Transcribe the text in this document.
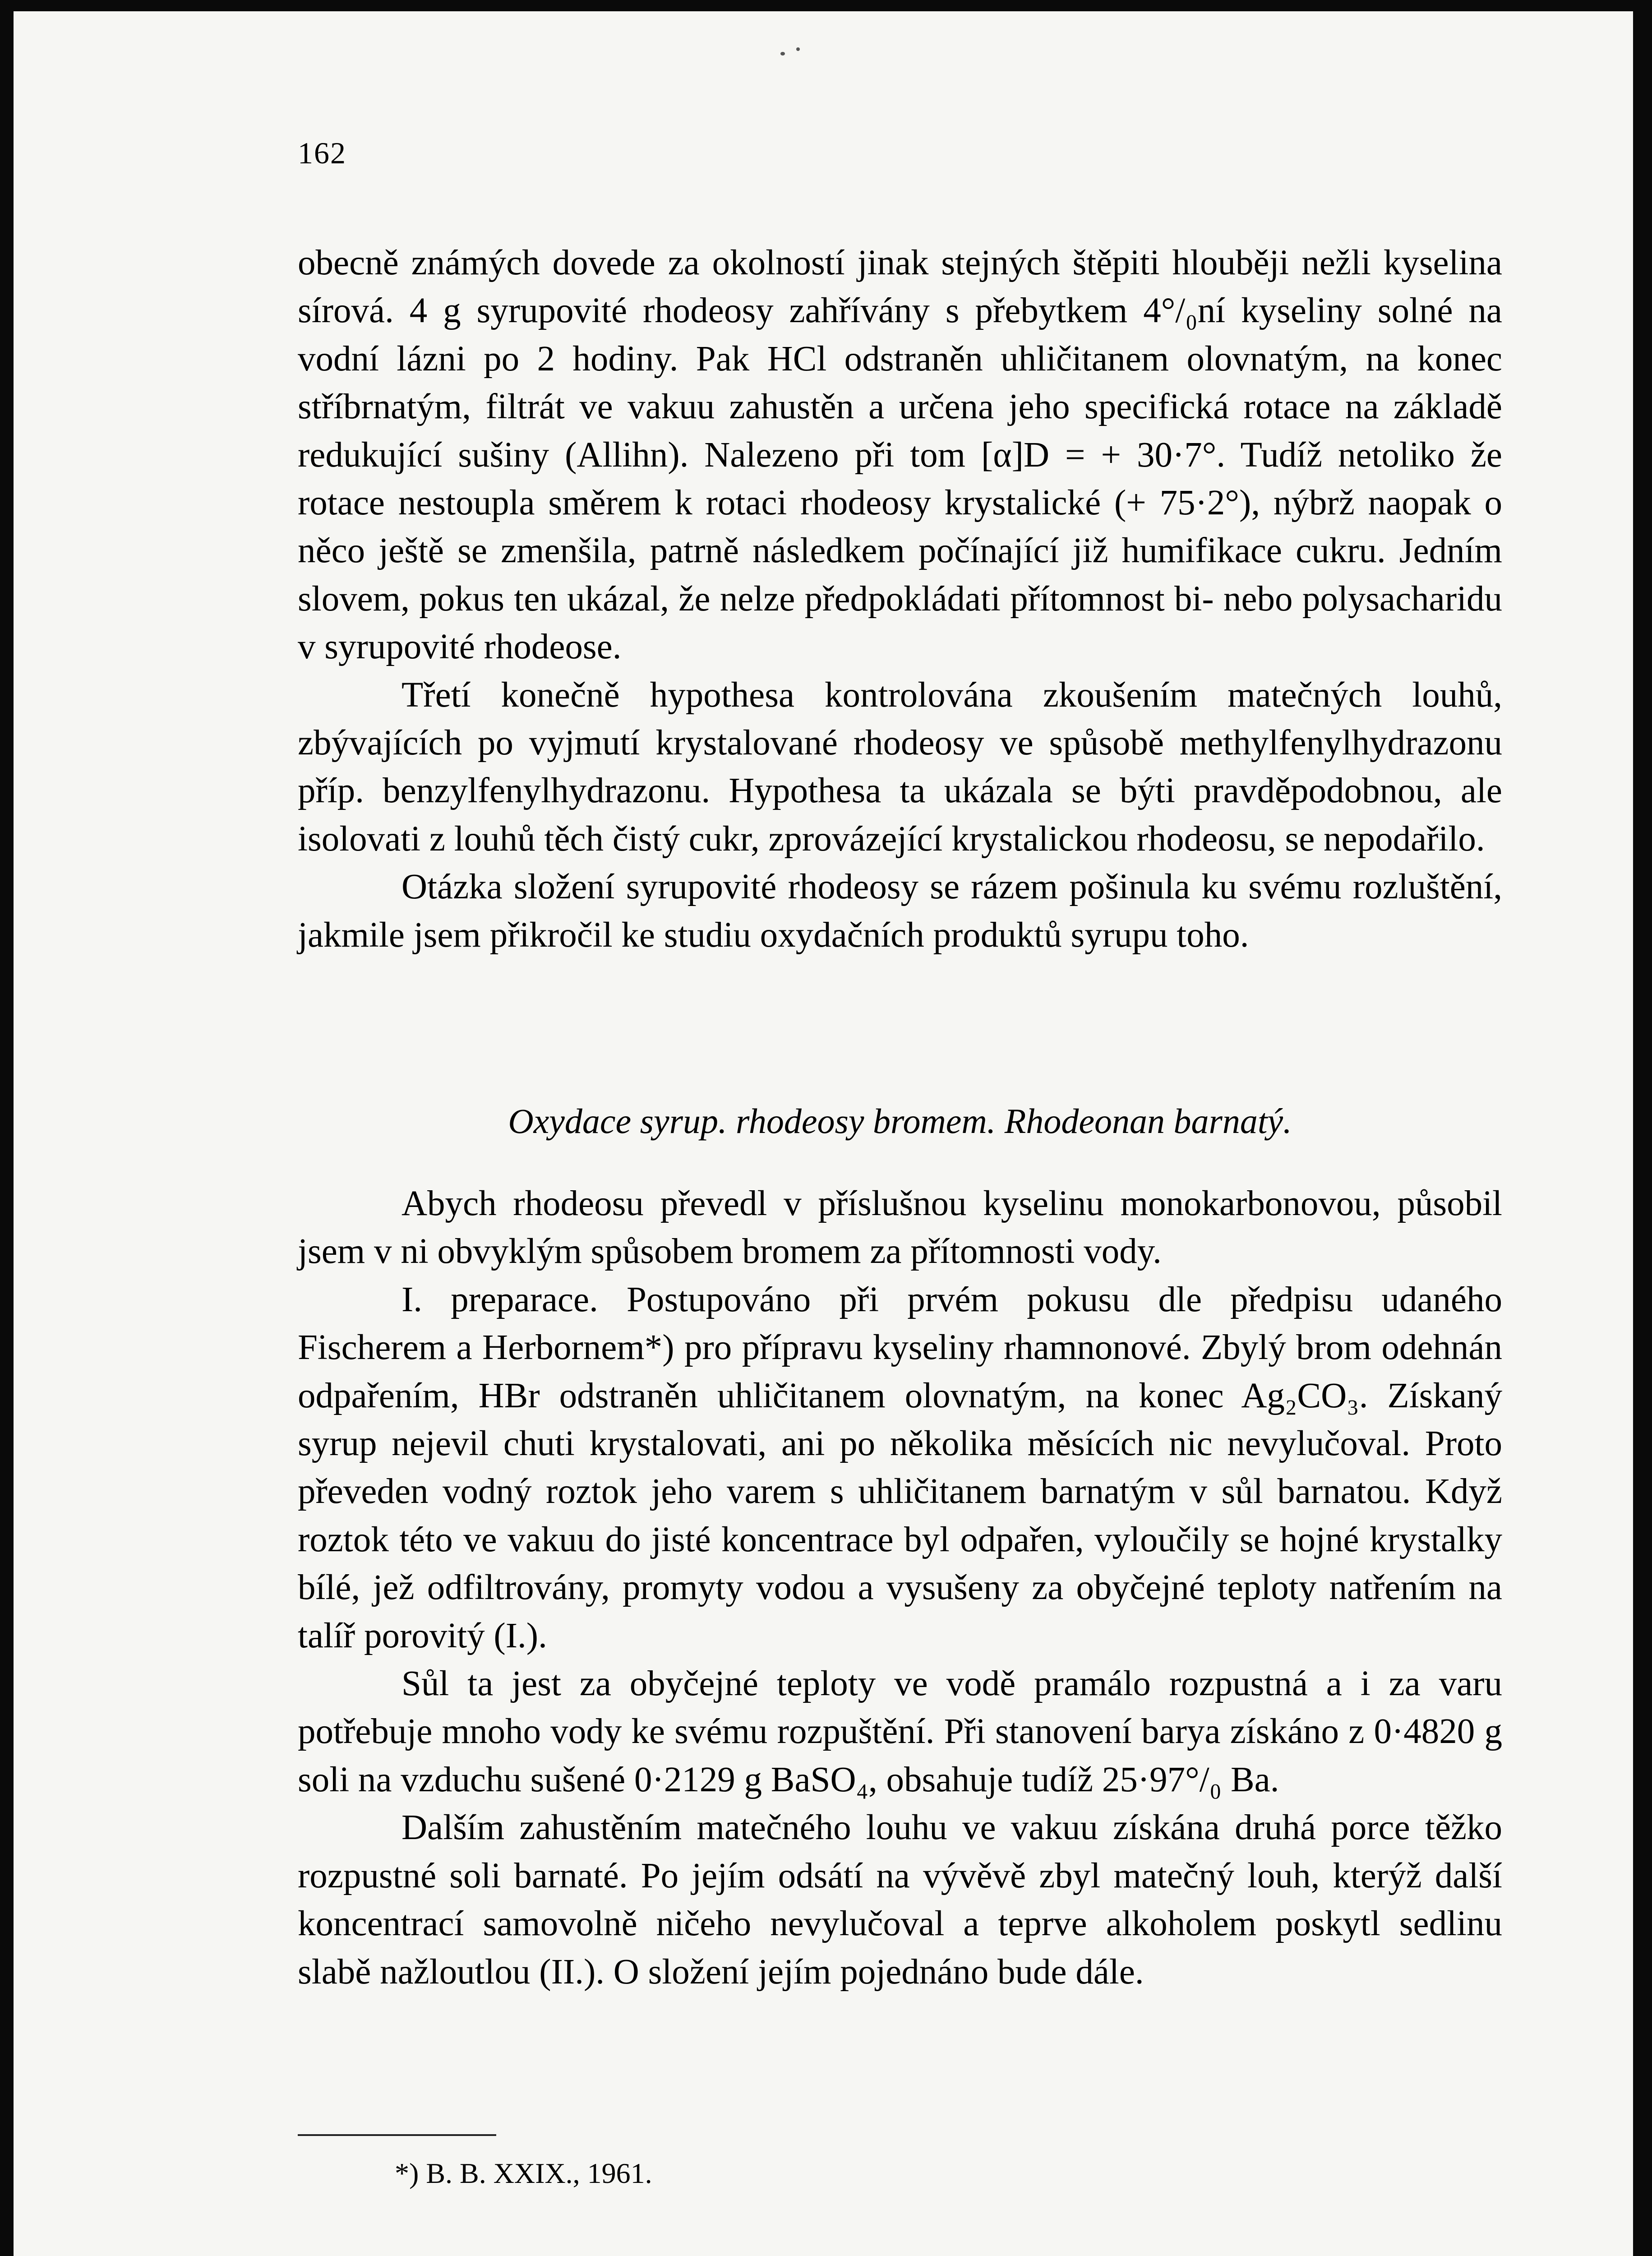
162

obecně známých dovede za okolností jinak stejných štěpiti hlouběji nežli kyselina sírová. 4 g syrupovité rhodeosy zahřívány s přebytkem 4°/₀ní kyseliny solné na vodní lázni po 2 hodiny. Pak HCl odstraněn uhličitanem olovnatým, na konec stříbrnatým, filtrát ve vakuu zahustěn a určena jeho specifická rotace na základě redukující sušiny (Allihn). Nalezeno při tom [α]D = + 30·7°. Tudíž netoliko že rotace nestoupla směrem k rotaci rhodeosy krystalické (+ 75·2°), nýbrž naopak o něco ještě se zmenšila, patrně následkem počínající již humifikace cukru. Jedním slovem, pokus ten ukázal, že nelze předpokládati přítomnost bi- nebo polysacharidu v syrupovité rhodeose.

Třetí konečně hypothesa kontrolována zkoušením matečných louhů, zbývajících po vyjmutí krystalované rhodeosy ve spůsobě methylfenylhydrazonu příp. benzylfenylhydrazonu. Hypothesa ta ukázala se býti pravděpodobnou, ale isolovati z louhů těch čistý cukr, zprovázející krystalickou rhodeosu, se nepodařilo.

Otázka složení syrupovité rhodeosy se rázem pošinula ku svému rozluštění, jakmile jsem přikročil ke studiu oxydačních produktů syrupu toho.

Oxydace syrup. rhodeosy bromem. Rhodeonan barnatý.

Abych rhodeosu převedl v příslušnou kyselinu monokarbonovou, působil jsem v ni obvyklým spůsobem bromem za přítomnosti vody.

I. preparace. Postupováno při prvém pokusu dle předpisu udaného Fischerem a Herbornem*) pro přípravu kyseliny rhamnonové. Zbylý brom odehnán odpařením, HBr odstraněn uhličitanem olovnatým, na konec Ag₂CO₃. Získaný syrup nejevil chuti krystalovati, ani po několika měsících nic nevylučoval. Proto převeden vodný roztok jeho varem s uhličitanem barnatým v sůl barnatou. Když roztok této ve vakuu do jisté koncentrace byl odpařen, vyloučily se hojné krystalky bílé, jež odfiltrovány, promyty vodou a vysušeny za obyčejné teploty natřením na talíř porovitý (I.).

Sůl ta jest za obyčejné teploty ve vodě pramálo rozpustná a i za varu potřebuje mnoho vody ke svému rozpuštění. Při stanovení baryа získáno z 0·4820 g soli na vzduchu sušené 0·2129 g BaSO₄, obsahuje tudíž 25·97°/₀ Ba.

Dalším zahustěním matečného louhu ve vakuu získána druhá porce těžko rozpustné soli barnaté. Po jejím odsátí na vývěvě zbyl matečný louh, kterýž další koncentrací samovolně ničeho nevylučoval a teprve alkoholem poskytl sedlinu slabě nažloutlou (II.). O složení jejím pojednáno bude dále.

*) B. B. XXIX., 1961.
